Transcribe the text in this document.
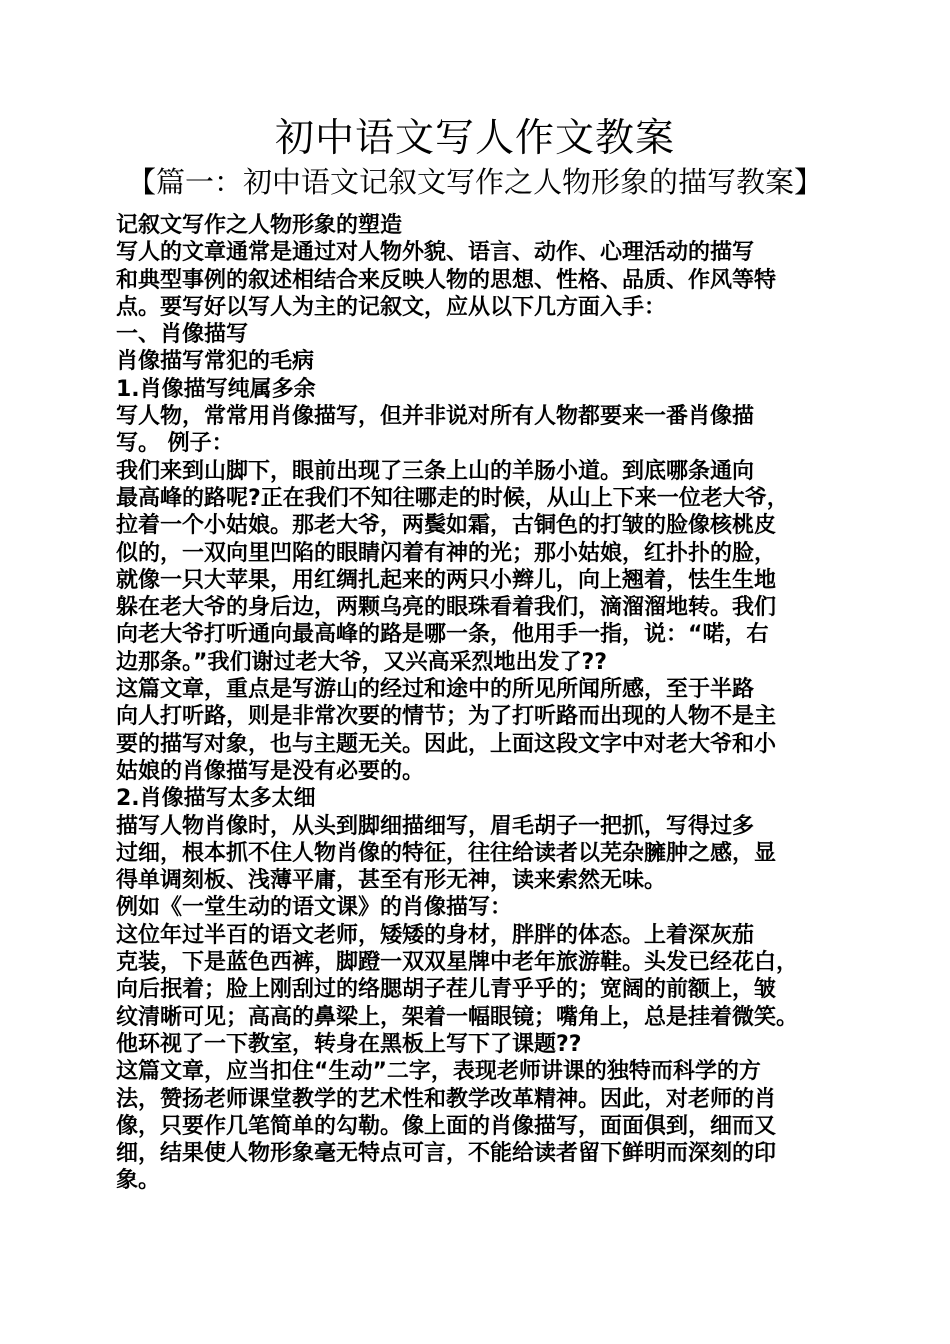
初中语文写人作文教案
【篇一：初中语文记叙文写作之人物形象的描写教案】
记叙文写作之人物形象的塑造
写人的文章通常是通过对人物外貌、语言、动作、心理活动的描写
和典型事例的叙述相结合来反映人物的思想、性格、品质、作风等特
点。要写好以写人为主的记叙文，应从以下几方面入手：
一、肖像描写
肖像描写常犯的毛病
1.肖像描写纯属多余
写人物，常常用肖像描写，但并非说对所有人物都要来一番肖像描
写。 例子：
我们来到山脚下，眼前出现了三条上山的羊肠小道。到底哪条通向
最高峰的路呢?正在我们不知往哪走的时候，从山上下来一位老大爷，
拉着一个小姑娘。那老大爷，两鬓如霜，古铜色的打皱的脸像核桃皮
似的，一双向里凹陷的眼睛闪着有神的光；那小姑娘，红扑扑的脸，
就像一只大苹果，用红绸扎起来的两只小辫儿，向上翘着，怯生生地
躲在老大爷的身后边，两颗乌亮的眼珠看着我们，滴溜溜地转。我们
向老大爷打听通向最高峰的路是哪一条，他用手一指，说：“喏，右
边那条。”我们谢过老大爷，又兴高采烈地出发了??
这篇文章，重点是写游山的经过和途中的所见所闻所感，至于半路
向人打听路，则是非常次要的情节；为了打听路而出现的人物不是主
要的描写对象，也与主题无关。因此，上面这段文字中对老大爷和小
姑娘的肖像描写是没有必要的。
2.肖像描写太多太细
描写人物肖像时，从头到脚细描细写，眉毛胡子一把抓，写得过多
过细，根本抓不住人物肖像的特征，往往给读者以芜杂臃肿之感，显
得单调刻板、浅薄平庸，甚至有形无神，读来索然无味。
例如《一堂生动的语文课》的肖像描写：
这位年过半百的语文老师，矮矮的身材，胖胖的体态。上着深灰茄
克装，下是蓝色西裤，脚蹬一双双星牌中老年旅游鞋。头发已经花白，
向后抿着；脸上刚刮过的络腮胡子茬儿青乎乎的；宽阔的前额上，皱
纹清晰可见；高高的鼻梁上，架着一幅眼镜；嘴角上，总是挂着微笑。
他环视了一下教室，转身在黑板上写下了课题??
这篇文章，应当扣住“生动”二字，表现老师讲课的独特而科学的方
法，赞扬老师课堂教学的艺术性和教学改革精神。因此，对老师的肖
像，只要作几笔简单的勾勒。像上面的肖像描写，面面俱到，细而又
细，结果使人物形象毫无特点可言，不能给读者留下鲜明而深刻的印
象。
